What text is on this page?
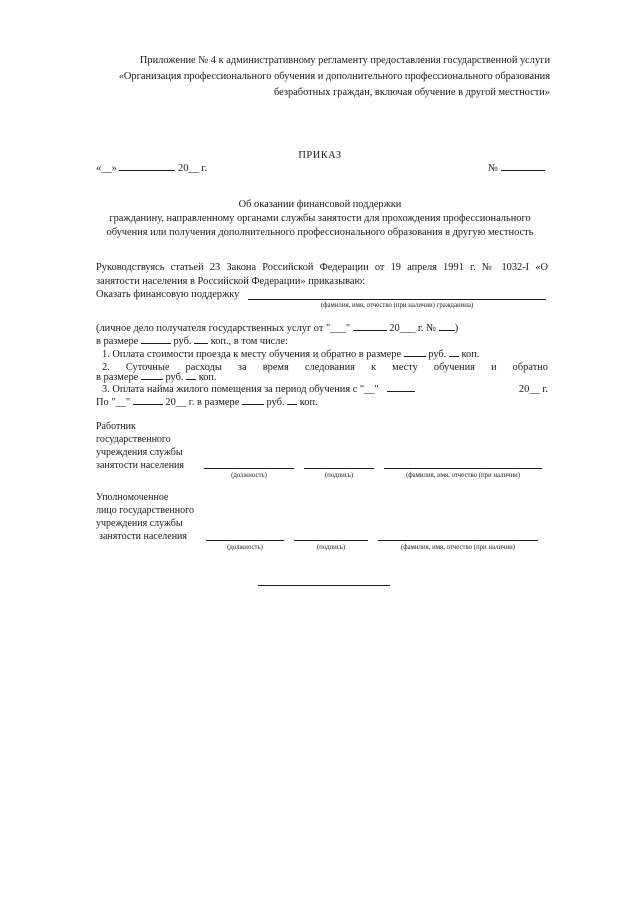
Приложение № 4 к административному регламенту предоставления государственной услуги
«Организация профессионального обучения и дополнительного профессионального образования
безработных граждан, включая обучение в другой местности»
ПРИКАЗ
«__»	20__ г.	№
Об оказании финансовой поддержки
гражданину, направленному органами службы занятости для прохождения профессионального
обучения или получения дополнительного профессионального образования в другую местность
Руководствуясь статьей 23 Закона Российской Федерации от 19 апреля 1991 г. № 1032-I «О
занятости населения в Российской Федерации» приказываю:
Оказать финансовую поддержку
(фамилия, имя, отчество (при наличии) гражданина)
(личное дело получателя государственных услуг от "___"	20___ г. № )
в размере	руб. коп., в том числе:
1. Оплата стоимости проезда к месту обучения и обратно в размере	руб. коп.
2. Суточные расходы за время следования к месту обучения и обратно
в размере	руб. коп.
3. Оплата найма жилого помещения за период обучения с "__"	20__ г.
По "__"	20__ г. в размере	руб. коп.
Работник
государственного
учреждения службы
занятости населения
(должность)	(подпись)	(фамилия, имя, отчество (при наличии)
Уполномоченное
лицо государственного
учреждения службы
занятости населения
(должность)	(подпись)	(фамилия, имя, отчество (при наличии)
